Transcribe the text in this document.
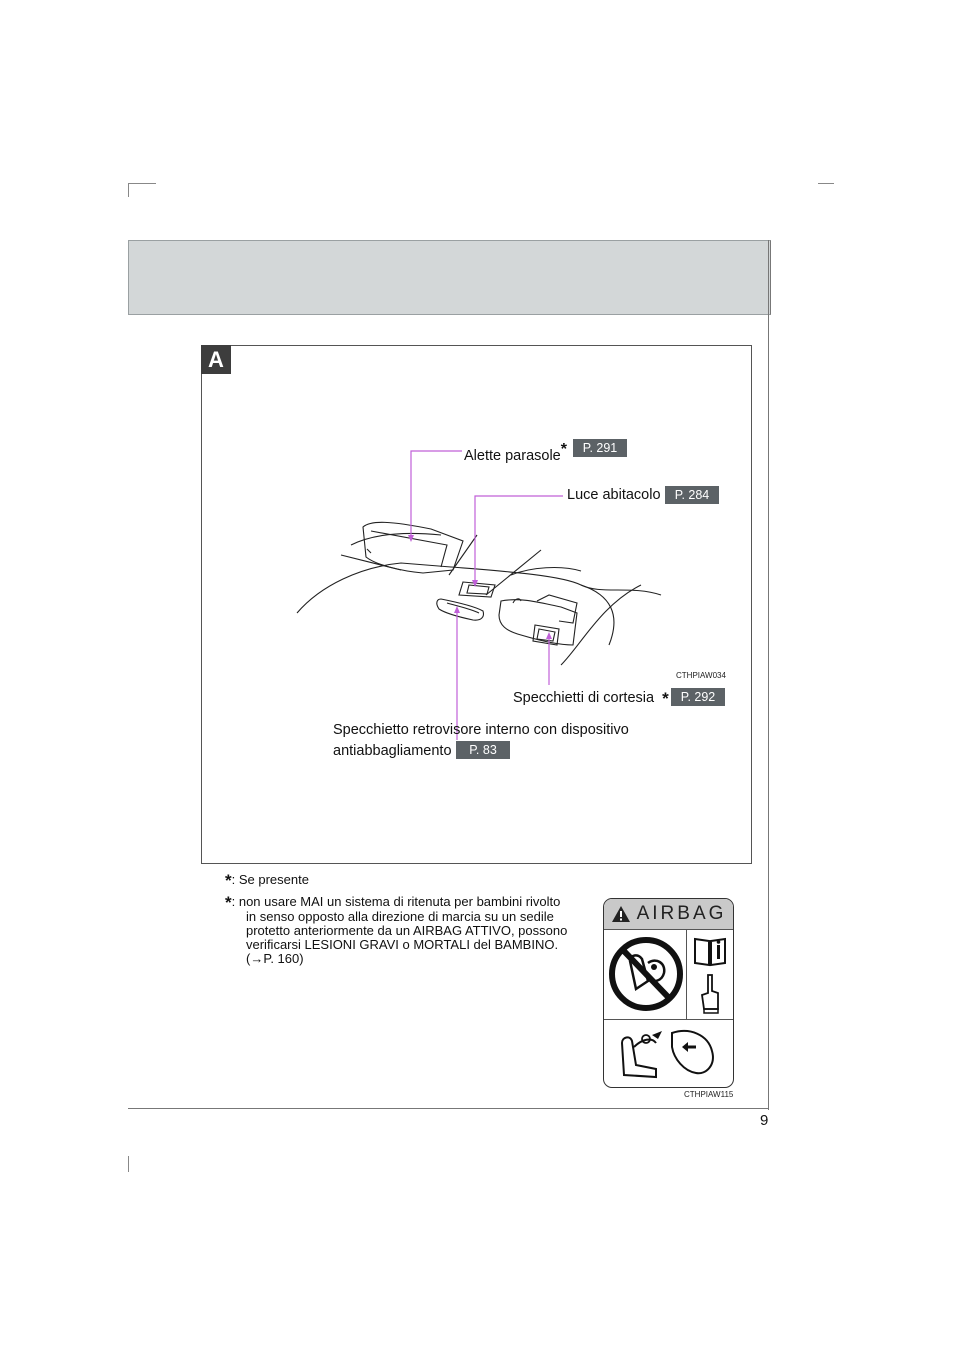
A
Alette parasole*	P. 291
Luce abitacolo	P. 284
CTHPIAW034
Specchietti di cortesia * P. 292
Specchietto retrovisore interno con dispositivo
antiabbagliamento	P. 83
*: Se presente
*: non usare MAI un sistema di ritenuta per bambini rivolto
in senso opposto alla direzione di marcia su un sedile
protetto anteriormente da un AIRBAG ATTIVO, possono
verificarsi LESIONI GRAVI o MORTALI del BAMBINO.
(→P. 160)
AIRBAG
CTHPIAW115
9
